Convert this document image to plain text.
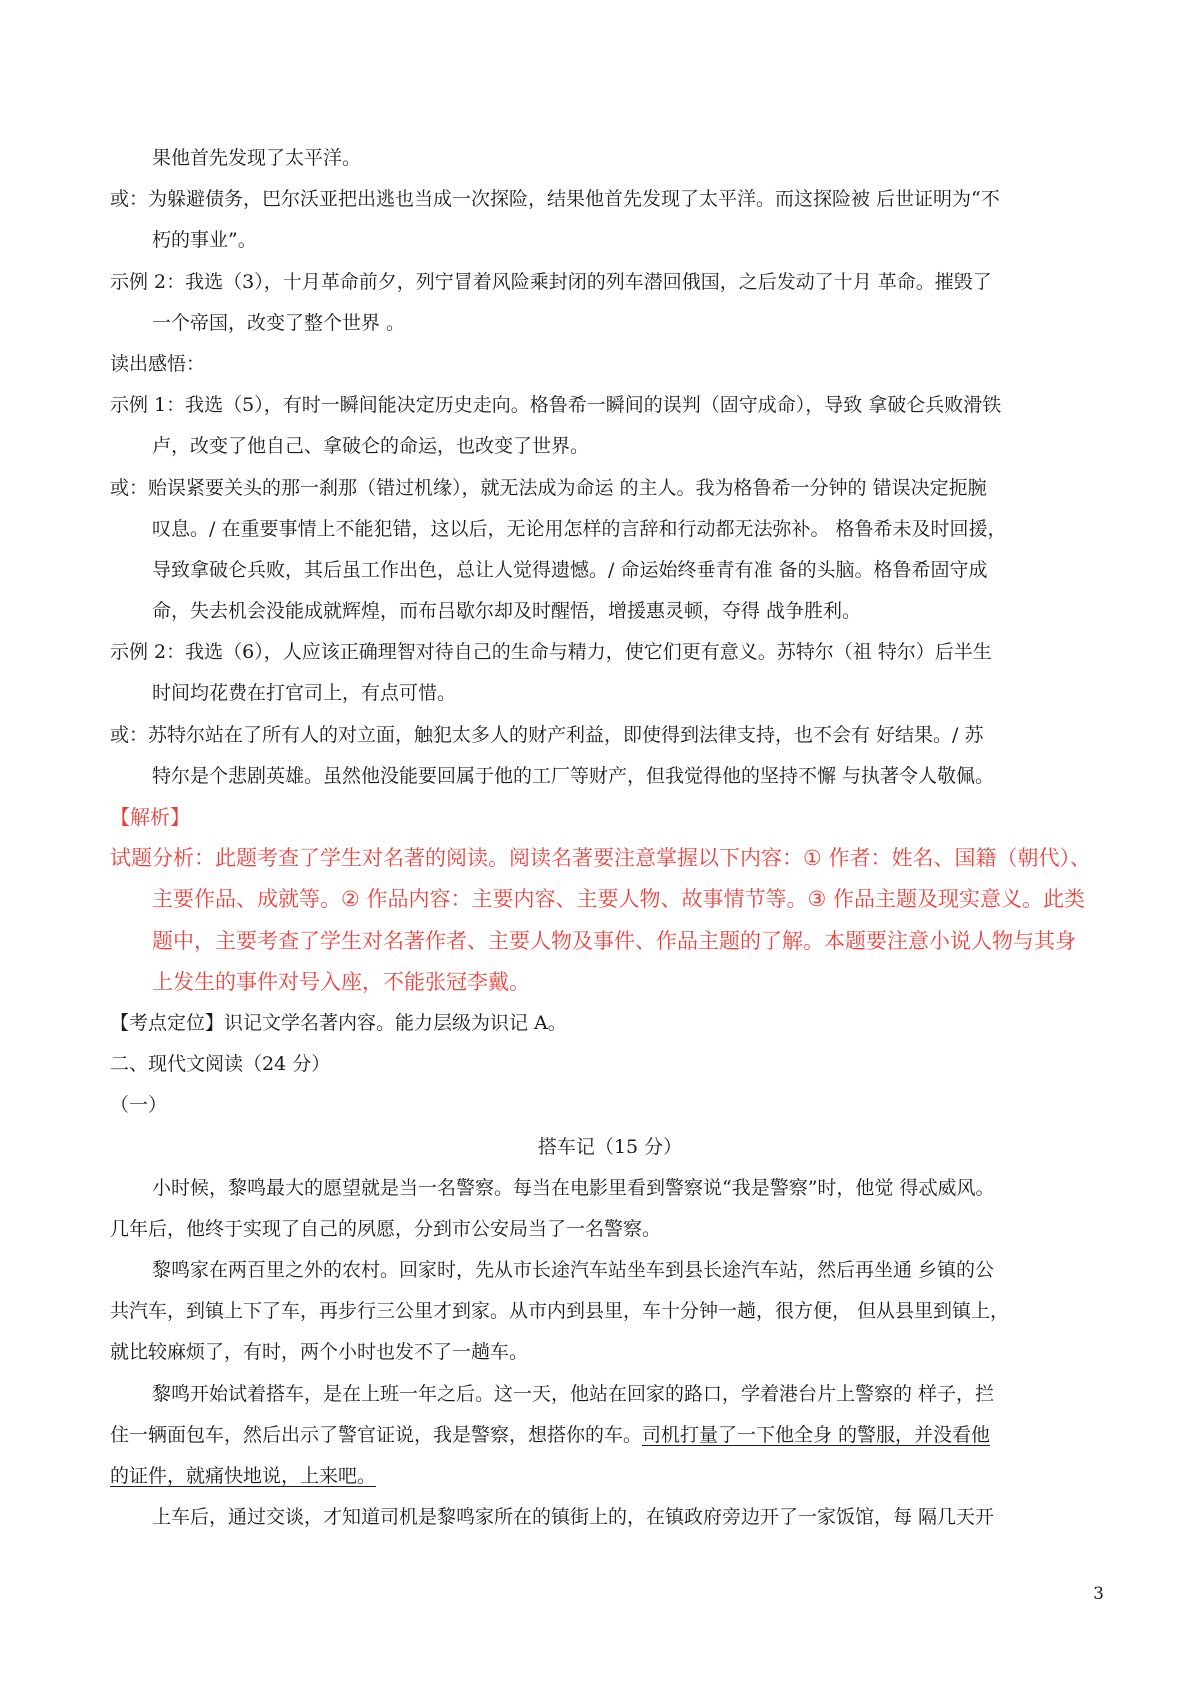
果他首先发现了太平洋。

或：为躲避债务，巴尔沃亚把出逃也当成一次探险，结果他首先发现了太平洋。而这探险被 后世证明为“不

朽的事业”。

示例 2：我选（3），十月革命前夕，列宁冒着风险乘封闭的列车潜回俄国，之后发动了十月 革命。摧毁了

一个帝国，改变了整个世界 。

读出感悟：

示例 1：我选（5），有时一瞬间能决定历史走向。格鲁希一瞬间的误判（固守成命），导致 拿破仑兵败滑铁

卢，改变了他自己、拿破仑的命运，也改变了世界。

或：贻误紧要关头的那一刹那（错过机缘），就无法成为命运 的主人。我为格鲁希一分钟的 错误决定扼腕

叹息。/ 在重要事情上不能犯错，这以后，无论用怎样的言辞和行动都无法弥补。 格鲁希未及时回援，

导致拿破仑兵败，其后虽工作出色，总让人觉得遗憾。/ 命运始终垂青有准 备的头脑。格鲁希固守成

命，失去机会没能成就辉煌，而布吕歇尔却及时醒悟，增援惠灵顿，夺得 战争胜利。

示例 2：我选（6），人应该正确理智对待自己的生命与精力，使它们更有意义。苏特尔（祖 特尔）后半生

时间均花费在打官司上，有点可惜。

或：苏特尔站在了所有人的对立面，触犯太多人的财产利益，即使得到法律支持，也不会有 好结果。/ 苏

特尔是个悲剧英雄。虽然他没能要回属于他的工厂等财产，但我觉得他的坚持不懈 与执著令人敬佩。

【解析】

试题分析：此题考查了学生对名著的阅读。阅读名著要注意掌握以下内容：① 作者：姓名、国籍（朝代）、

主要作品、成就等。② 作品内容：主要内容、主要人物、故事情节等。③ 作品主题及现实意义。此类

题中，主要考查了学生对名著作者、主要人物及事件、作品主题的了解。本题要注意小说人物与其身

上发生的事件对号入座，不能张冠李戴。

【考点定位】识记文学名著内容。能力层级为识记 A。

二、现代文阅读（24 分）

（一）

搭车记（15 分）

小时候，黎鸣最大的愿望就是当一名警察。每当在电影里看到警察说“我是警察”时，他觉 得忒威风。

几年后，他终于实现了自己的夙愿，分到市公安局当了一名警察。

黎鸣家在两百里之外的农村。回家时，先从市长途汽车站坐车到县长途汽车站，然后再坐通 乡镇的公

共汽车，到镇上下了车，再步行三公里才到家。从市内到县里，车十分钟一趟，很方便， 但从县里到镇上，

就比较麻烦了，有时，两个小时也发不了一趟车。

黎鸣开始试着搭车，是在上班一年之后。这一天，他站在回家的路口，学着港台片上警察的 样子，拦

住一辆面包车，然后出示了警官证说，我是警察，想搭你的车。司机打量了一下他全身 的警服，并没看他

的证件，就痛快地说，上来吧。

上车后，通过交谈，才知道司机是黎鸣家所在的镇街上的，在镇政府旁边开了一家饭馆，每 隔几天开

3
